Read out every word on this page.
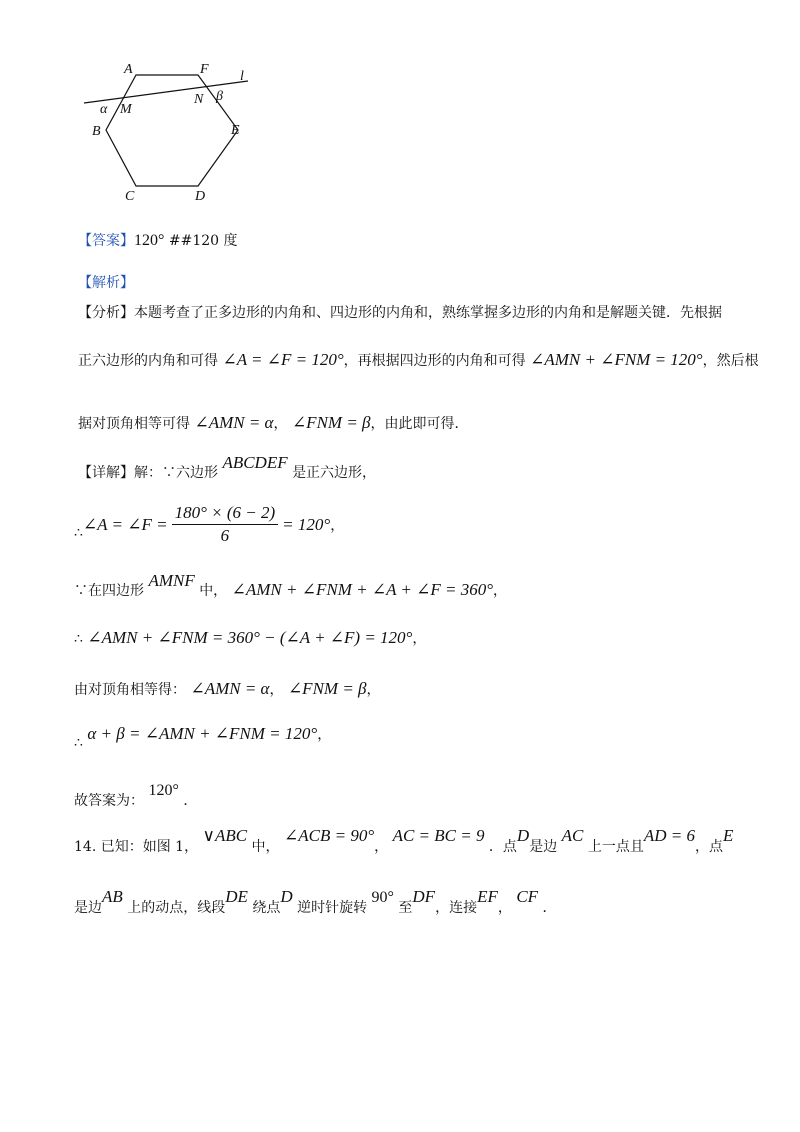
A	F l
N β
α M
B	E
C	D
【答案】120° ##120 度
【解析】
【分析】本题考查了正多边形的内角和、四边形的内角和，熟练掌握多边形的内角和是解题关键．先根据
正六边形的内角和可得 ∠A = ∠F = 120°，再根据四边形的内角和可得 ∠AMN + ∠FNM = 120°，然后根
据对顶角相等可得 ∠AMN = α， ∠FNM = β，由此即可得．
【详解】解：∵六边形 ABCDEF 是正六边形，
∴ ∠A = ∠F = $\frac{180^\circ \times (6 - 2)}{6} = 120^\circ$ ，
∵在四边形 AMNF 中， ∠AMN + ∠FNM + ∠A + ∠F = 360°，
∴ ∠AMN + ∠FNM = 360° − (∠A + ∠F) = 120°，
由对顶角相等得： ∠AMN = α， ∠FNM = β，
∴ α + β = ∠AMN + ∠FNM = 120°，
故答案为： 120° ．
14. 已知：如图 1， ∨ABC 中， ∠ACB = 90°， AC = BC = 9 ．点D是边 AC 上一点且AD = 6，点E
是边AB 上的动点，线段DE 绕点D 逆时针旋转 90° 至DF，连接EF， CF ．
